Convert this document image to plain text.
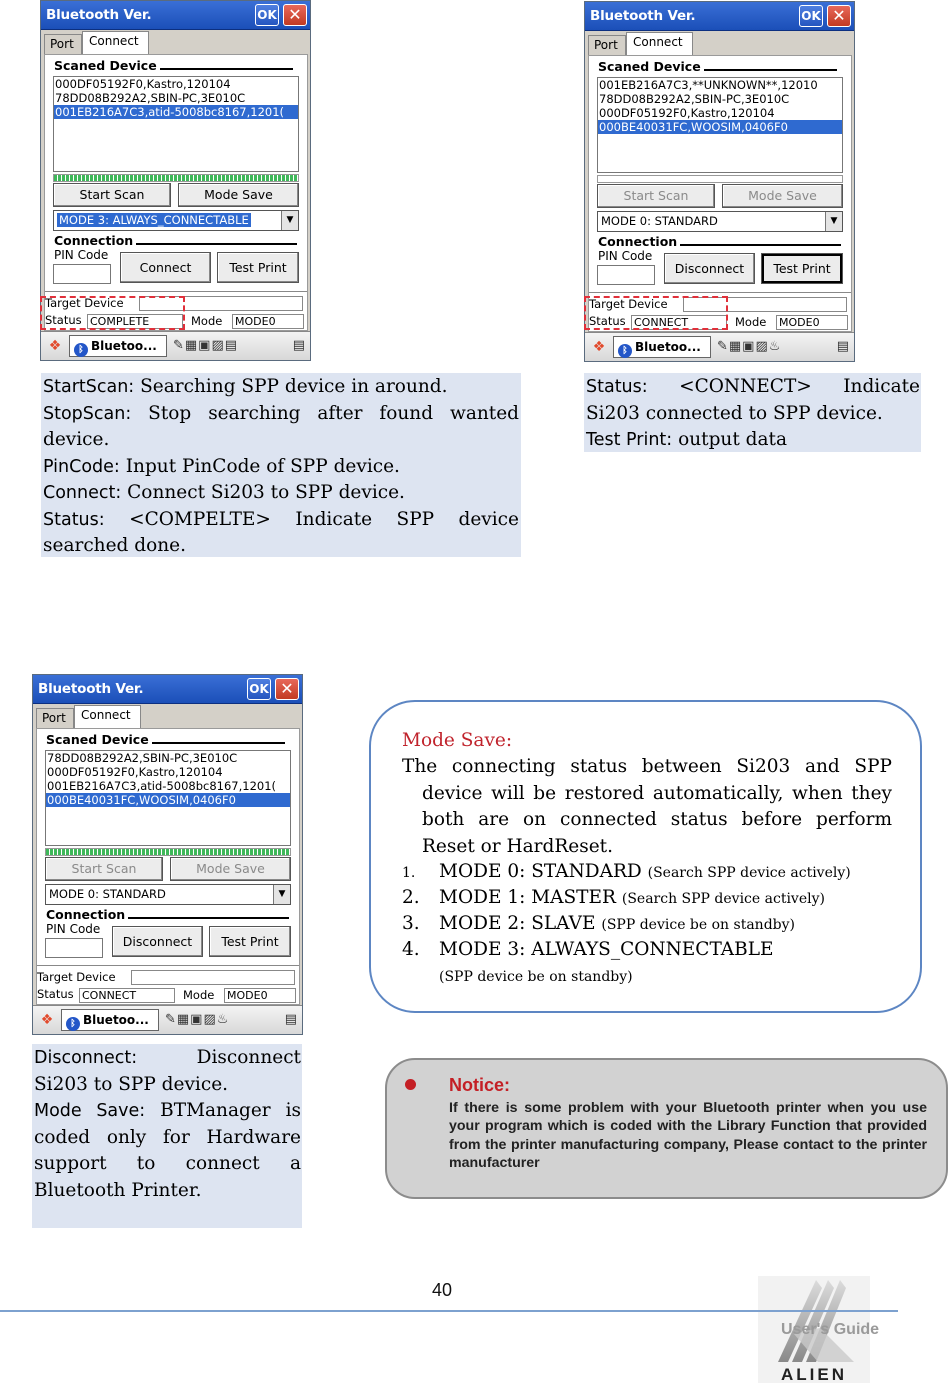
Bluetooth Ver.	OK ✕
Port	Connect
Scaned Device
000DF05192F0,Kastro,120104
78DD08B292A2,SBIN-PC,3E010C
001EB216A7C3,atid-5008bc8167,1201(
Start Scan	Mode Save
MODE 3: ALWAYS_CONNECTABLE	▼
Connection
PIN Code
Connect	Test Print
Target Device
Status COMPLETE	Mode MODE0
❖	ᛒ Bluetoo...	✎▦▣▨▤	▤
Bluetooth Ver.	OK ✕
Port	Connect
Scaned Device
001EB216A7C3,**UNKNOWN**,12010
78DD08B292A2,SBIN-PC,3E010C
000DF05192F0,Kastro,120104
000BE40031FC,WOOSIM,0406F0
Start Scan	Mode Save
MODE 0: STANDARD	▼
Connection
PIN Code
Disconnect	Test Print
Target Device
Status CONNECT	Mode MODE0
❖	ᛒ Bluetoo...	✎▦▣▨♨	▤
StartScan: Searching SPP device in around.
StopScan: Stop searching after found wanted
device.
PinCode: Input PinCode of SPP device.
Connect: Connect Si203 to SPP device.
Status: <COMPELTE> Indicate SPP device
searched done.
Status: <CONNECT> Indicate
Si203 connected to SPP device.
Test Print: output data
Bluetooth Ver.	OK ✕
Port	Connect
Scaned Device
78DD08B292A2,SBIN-PC,3E010C
000DF05192F0,Kastro,120104
001EB216A7C3,atid-5008bc8167,1201(
000BE40031FC,WOOSIM,0406F0
Start Scan	Mode Save
MODE 0: STANDARD	▼
Connection
PIN Code
Disconnect	Test Print
Target Device
Status CONNECT	Mode MODE0
❖	ᛒ Bluetoo...	✎▦▣▨♨	▤
Disconnect:	Disconnect
Si203 to SPP device.
Mode Save: BTManager is
coded only for Hardware
support to connect a
Bluetooth Printer.
Mode Save:
The connecting status between Si203 and SPP
device will be restored automatically, when they
both are on connected status before perform
Reset or HardReset.
1. MODE 0: STANDARD (Search SPP device actively)
2. MODE 1: MASTER (Search SPP device actively)
3. MODE 2: SLAVE (SPP device be on standby)
4. MODE 3: ALWAYS_CONNECTABLE
(SPP device be on standby)
Notice:
If there is some problem with your Bluetooth printer when you use your program which is coded with the Library Function that provided from the printer manufacturing company, Please contact to the printer manufacturer
40
ALIEN
User's Guide
